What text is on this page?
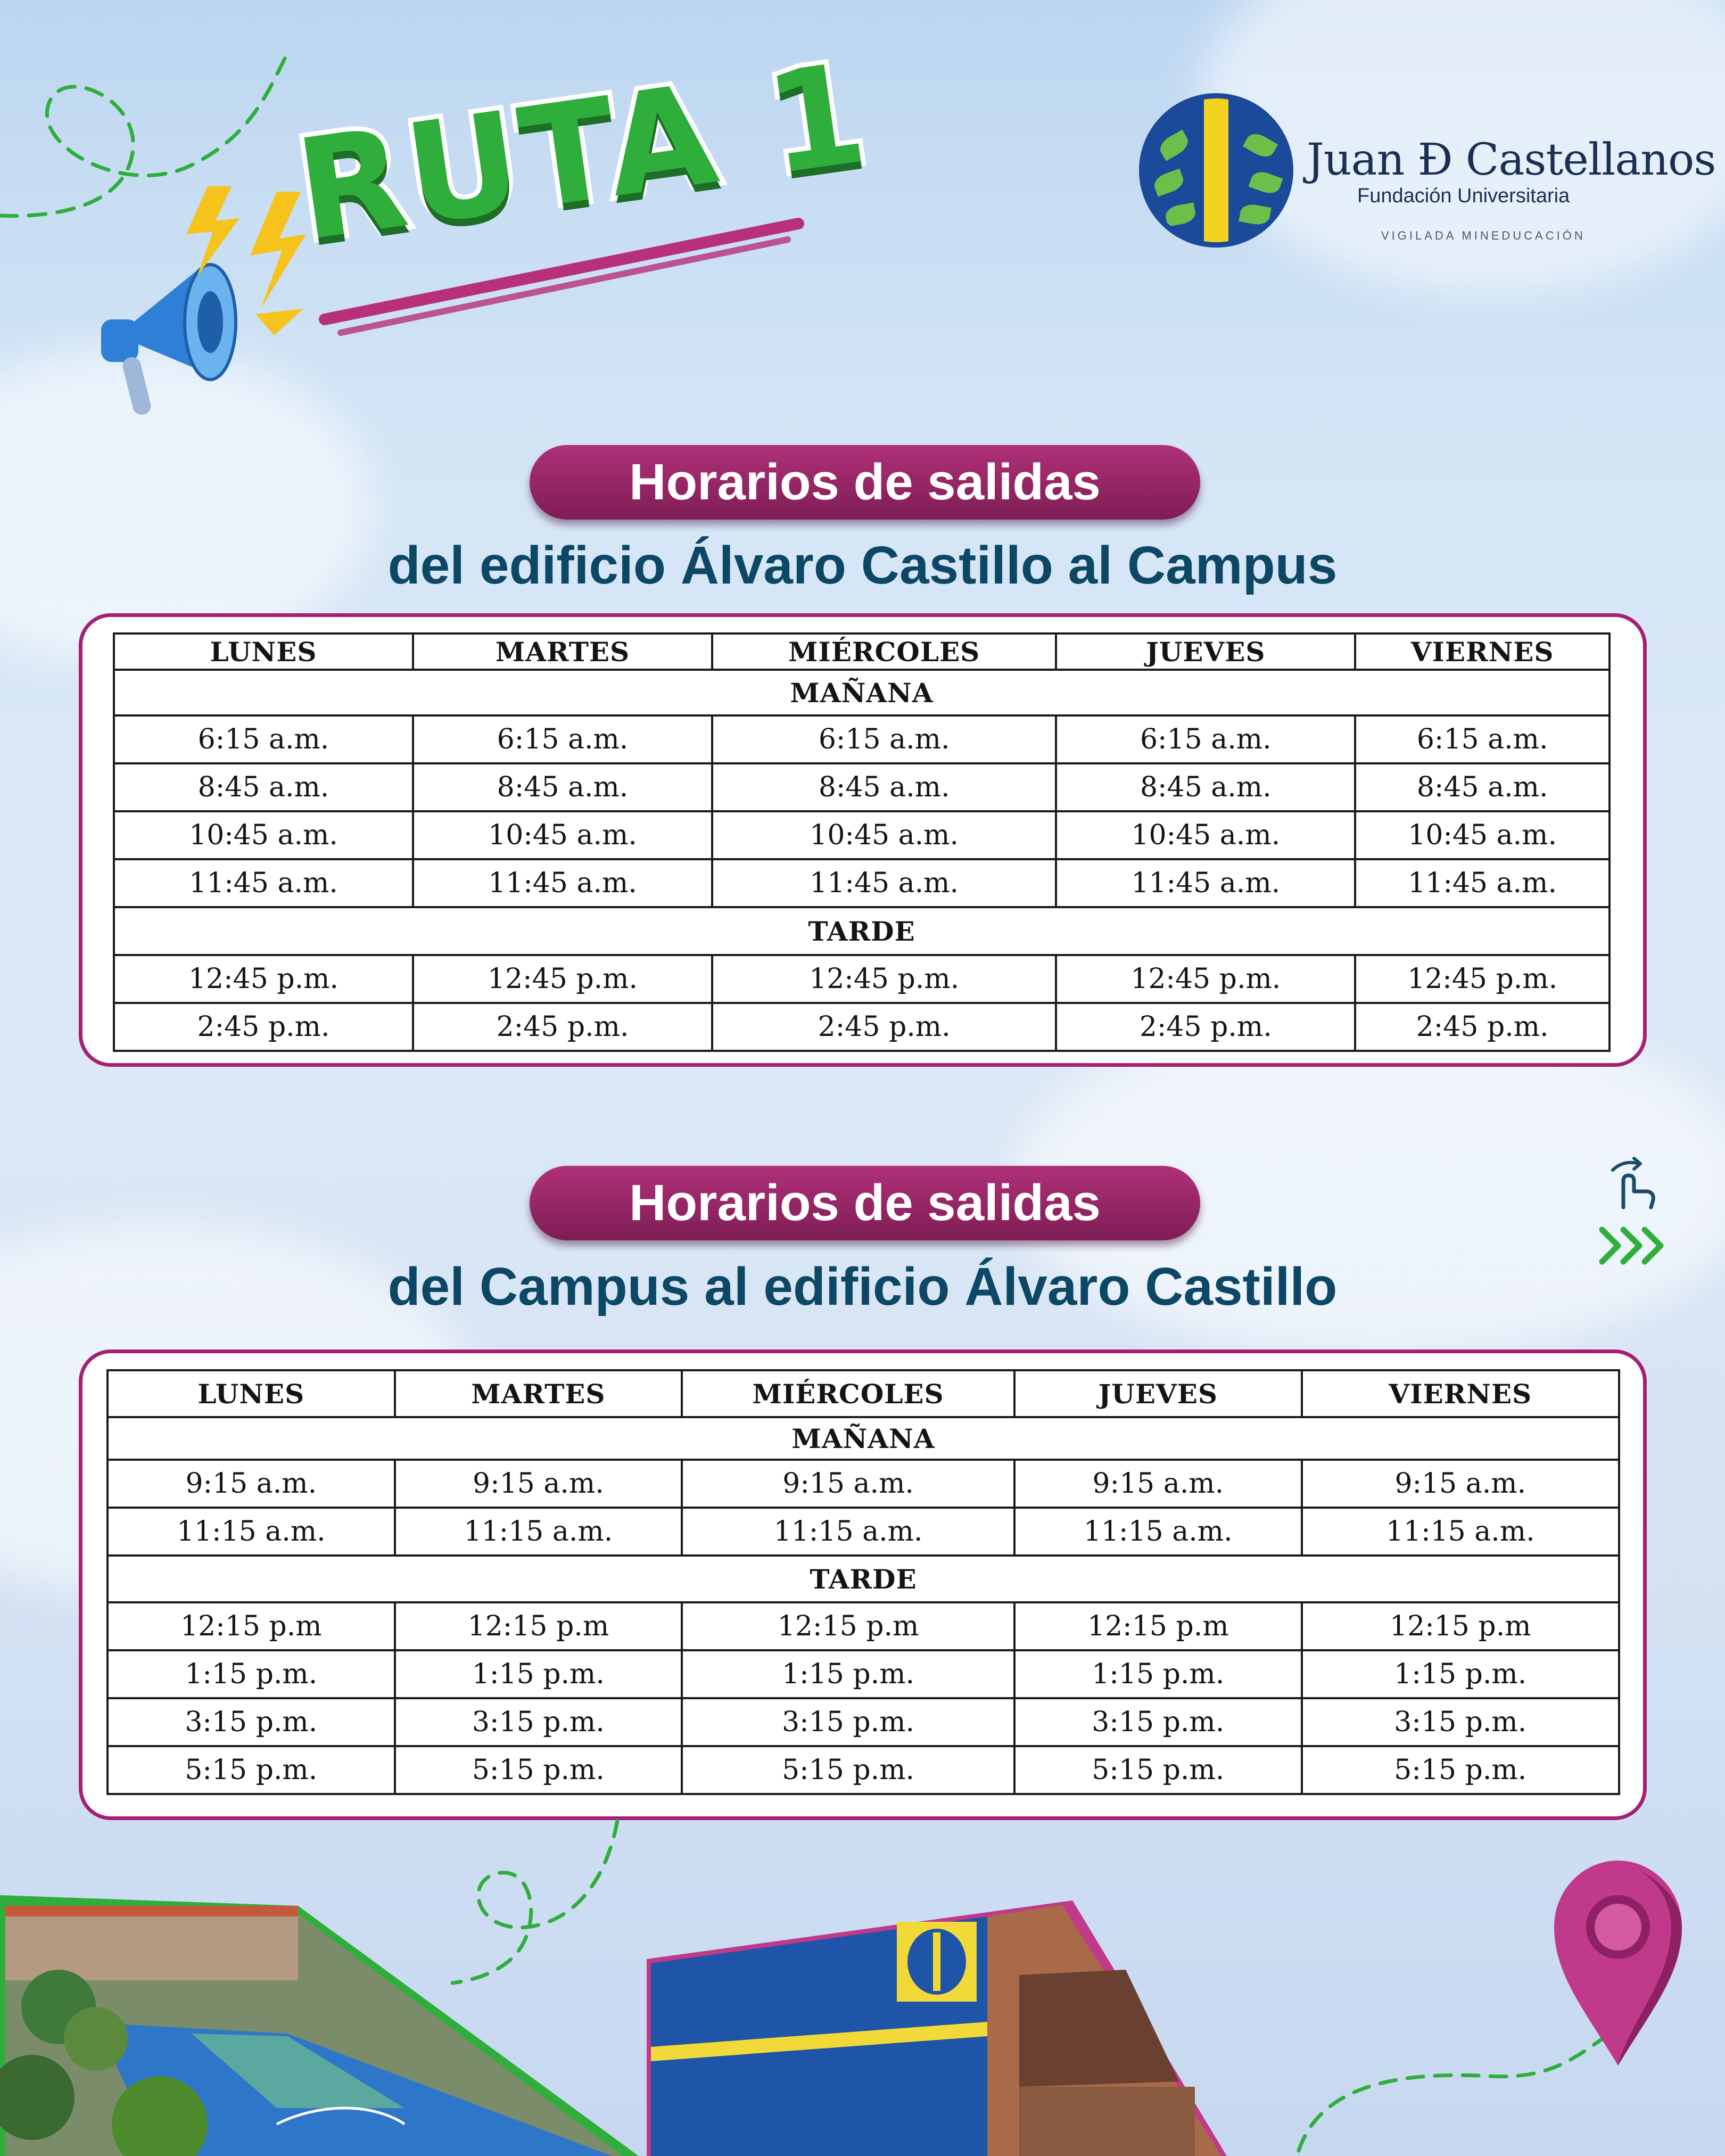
RUTA 1	Juan Ð Castellanos
Fundación Universitaria
VIGILADA MINEDUCACIÓN
Horarios de salidas
del edificio Álvaro Castillo al Campus
LUNES	MARTES	MIÉRCOLES	JUEVES	VIERNES
MAÑANA				
6:15 a.m.	6:15 a.m.	6:15 a.m.	6:15 a.m.	6:15 a.m.
8:45 a.m.	8:45 a.m.	8:45 a.m.	8:45 a.m.	8:45 a.m.
10:45 a.m.	10:45 a.m.	10:45 a.m.	10:45 a.m.	10:45 a.m.
11:45 a.m.	11:45 a.m.	11:45 a.m.	11:45 a.m.	11:45 a.m.
TARDE				
12:45 p.m.	12:45 p.m.	12:45 p.m.	12:45 p.m.	12:45 p.m.
2:45 p.m.	2:45 p.m.	2:45 p.m.	2:45 p.m.	2:45 p.m.
Horarios de salidas
del Campus al edificio Álvaro Castillo
LUNES	MARTES	MIÉRCOLES	JUEVES	VIERNES
MAÑANA				
9:15 a.m.	9:15 a.m.	9:15 a.m.	9:15 a.m.	9:15 a.m.
11:15 a.m.	11:15 a.m.	11:15 a.m.	11:15 a.m.	11:15 a.m.
TARDE				
12:15 p.m	12:15 p.m	12:15 p.m	12:15 p.m	12:15 p.m
1:15 p.m.	1:15 p.m.	1:15 p.m.	1:15 p.m.	1:15 p.m.
3:15 p.m.	3:15 p.m.	3:15 p.m.	3:15 p.m.	3:15 p.m.
5:15 p.m.	5:15 p.m.	5:15 p.m.	5:15 p.m.	5:15 p.m.
